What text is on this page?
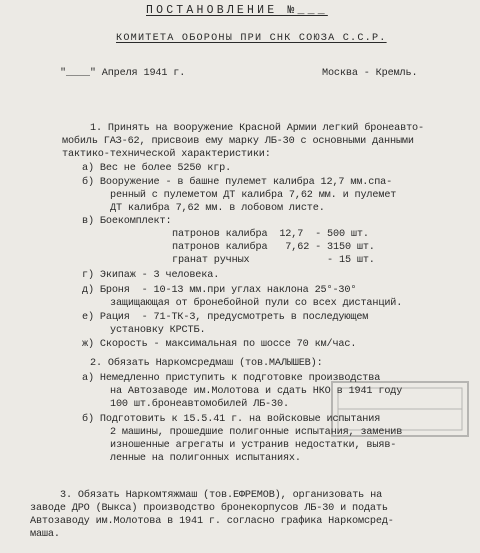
ПОСТАНОВЛЕНИЕ №___
КОМИТЕТА ОБОРОНЫ ПРИ СНК СОЮЗА С.С.Р.
"____" Апреля 1941 г.	Москва - Кремль.
1. Принять на вооружение Красной Армии легкий бронеавто-
мобиль ГАЗ-62, присвоив ему марку ЛБ-30 с основными данными
тактико-технической характеристики:
а) Вес не более 5250 кгр.
б) Вооружение - в башне пулемет калибра 12,7 мм.спа-
ренный с пулеметом ДТ калибра 7,62 мм. и пулемет
ДТ калибра 7,62 мм. в лобовом листе.
в) Боекомплект:
патронов калибра  12,7  - 500 шт.
патронов калибра   7,62 - 3150 шт.
гранат ручных             - 15 шт.
г) Экипаж - 3 человека.
д) Броня  - 10-13 мм.при углах наклона 25°-30°
защищающая от бронебойной пули со всех дистанций.
е) Рация  - 71-ТК-3, предусмотреть в последующем
установку КРСТБ.
ж) Скорость - максимальная по шоссе 70 км/час.
2. Обязать Наркомсредмаш (тов.МАЛЫШЕВ):
а) Немедленно приступить к подготовке производства
на Автозаводе им.Молотова и сдать НКО в 1941 году
100 шт.бронеавтомобилей ЛБ-30.
б) Подготовить к 15.5.41 г. на войсковые испытания
2 машины, прошедшие полигонные испытания, заменив
изношенные агрегаты и устранив недостатки, выяв-
ленные на полигонных испытаниях.
3. Обязать Наркомтяжмаш (тов.ЕФРЕМОВ), организовать на
заводе ДРО (Выкса) производство бронекорпусов ЛБ-30 и подать
Автозаводу им.Молотова в 1941 г. согласно графика Наркомсред-
маша.
